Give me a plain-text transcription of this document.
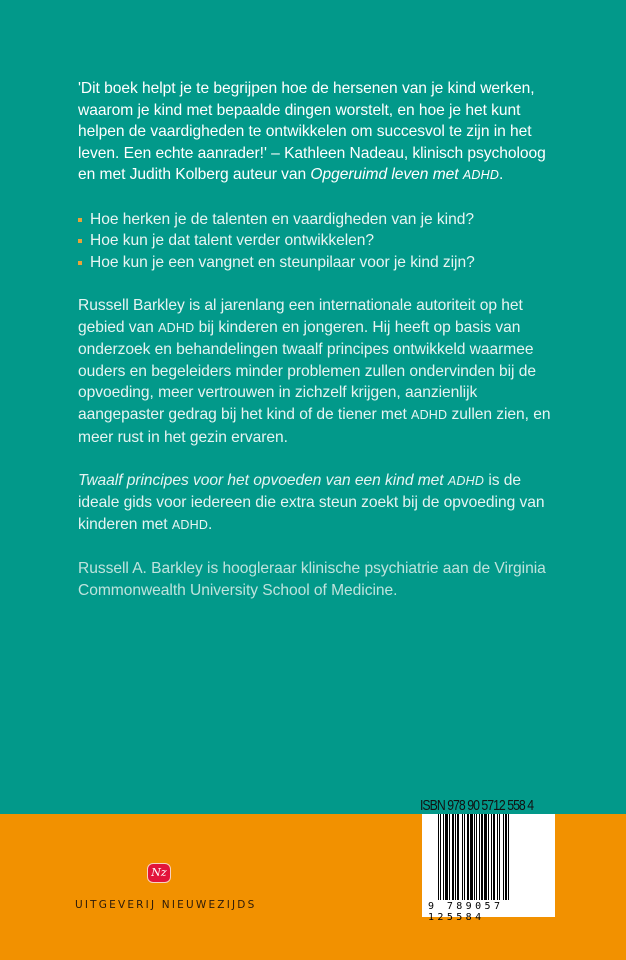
'Dit boek helpt je te begrijpen hoe de hersenen van je kind werken, waarom je kind met bepaalde dingen worstelt, en hoe je het kunt helpen de vaardigheden te ontwikkelen om succesvol te zijn in het leven. Een echte aanrader!' – Kathleen Nadeau, klinisch psycholoog en met Judith Kolberg auteur van Opgeruimd leven met ADHD.

Hoe herken je de talenten en vaardigheden van je kind?
Hoe kun je dat talent verder ontwikkelen?
Hoe kun je een vangnet en steunpilaar voor je kind zijn?

Russell Barkley is al jarenlang een internationale autoriteit op het gebied van ADHD bij kinderen en jongeren. Hij heeft op basis van onderzoek en behandelingen twaalf principes ontwikkeld waarmee ouders en begeleiders minder problemen zullen ondervinden bij de opvoeding, meer vertrouwen in zichzelf krijgen, aanzienlijk aangepaster gedrag bij het kind of de tiener met ADHD zullen zien, en meer rust in het gezin ervaren.

Twaalf principes voor het opvoeden van een kind met ADHD is de ideale gids voor iedereen die extra steun zoekt bij de opvoeding van kinderen met ADHD.

Russell A. Barkley is hoogleraar klinische psychiatrie aan de Virginia Commonwealth University School of Medicine.

ISBN 978 90 5712 558 4
9 789057 125584
Nz
UITGEVERIJ NIEUWEZIJDS
